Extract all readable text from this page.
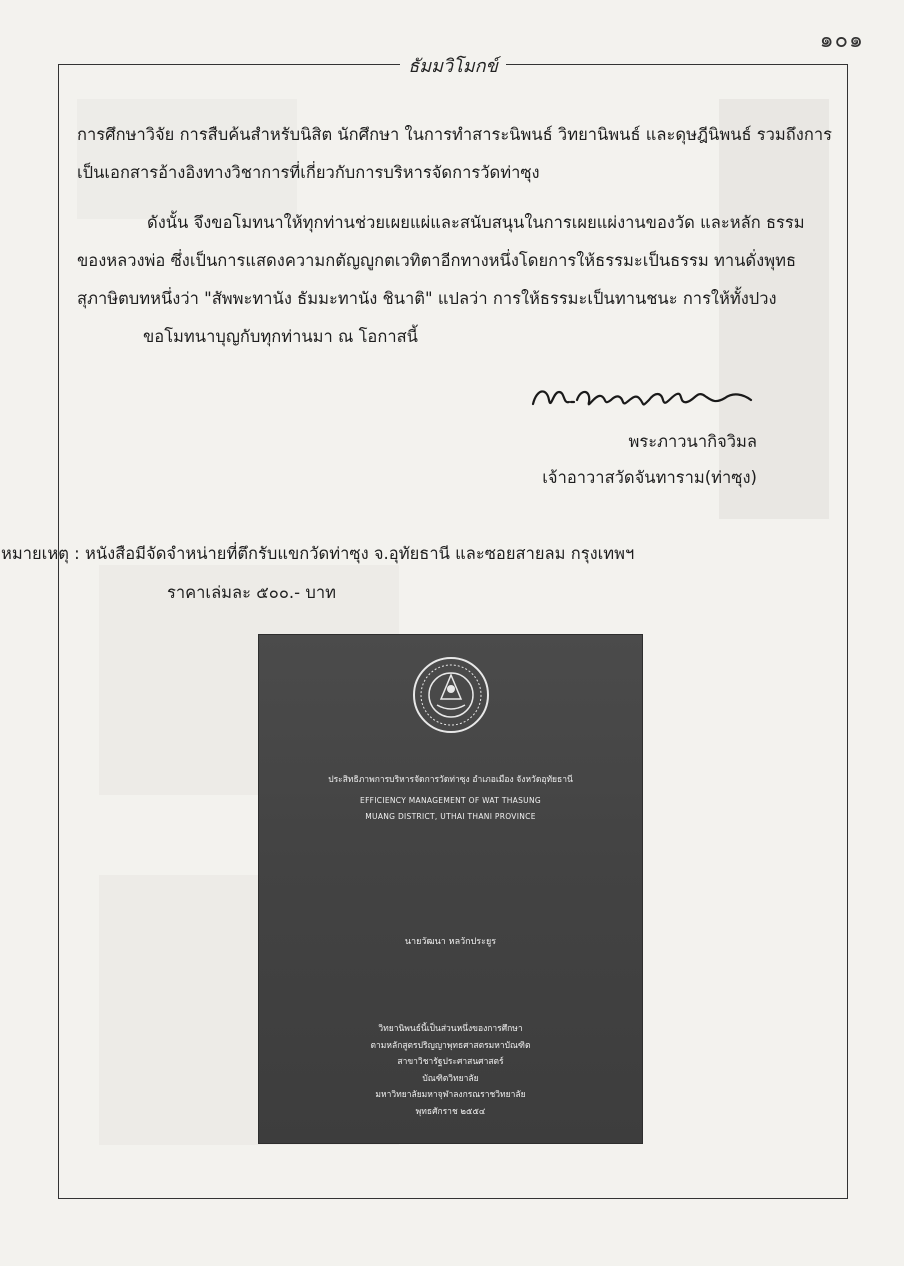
๑๐๑
ธัมมวิโมกข์

การศึกษาวิจัย การสืบค้นสำหรับนิสิต นักศึกษา ในการทำสาระนิพนธ์ วิทยานิพนธ์ และดุษฎีนิพนธ์ รวมถึงการเป็นเอกสารอ้างอิงทางวิชาการที่เกี่ยวกับการบริหารจัดการวัดท่าซุง

ดังนั้น จึงขอโมทนาให้ทุกท่านช่วยเผยแผ่และสนับสนุนในการเผยแผ่งานของวัด และหลัก ธรรมของหลวงพ่อ ซึ่งเป็นการแสดงความกตัญญูกตเวทิตาอีกทางหนึ่งโดยการให้ธรรมะเป็นธรรม ทานดั่งพุทธสุภาษิตบทหนึ่งว่า "สัพพะทานัง ธัมมะทานัง ชินาติ" แปลว่า การให้ธรรมะเป็นทานชนะ การให้ทั้งปวง

ขอโมทนาบุญกับทุกท่านมา ณ โอกาสนี้

พระภาวนากิจวิมล
เจ้าอาวาสวัดจันทาราม(ท่าซุง)
หมายเหตุ : หนังสือมีจัดจำหน่ายที่ตึกรับแขกวัดท่าซุง จ.อุทัยธานี และซอยสายลม กรุงเทพฯ
ราคาเล่มละ ๕๐๐.- บาท
ประสิทธิภาพการบริหารจัดการวัดท่าซุง อำเภอเมือง จังหวัดอุทัยธานี
EFFICIENCY MANAGEMENT OF WAT THASUNG
MUANG DISTRICT, UTHAI THANI PROVINCE
นายวัฒนา หลวักประยูร
วิทยานิพนธ์นี้เป็นส่วนหนึ่งของการศึกษา
ตามหลักสูตรปริญญาพุทธศาสตรมหาบัณฑิต
สาขาวิชารัฐประศาสนศาสตร์
บัณฑิตวิทยาลัย
มหาวิทยาลัยมหาจุฬาลงกรณราชวิทยาลัย
พุทธศักราช ๒๕๕๔
